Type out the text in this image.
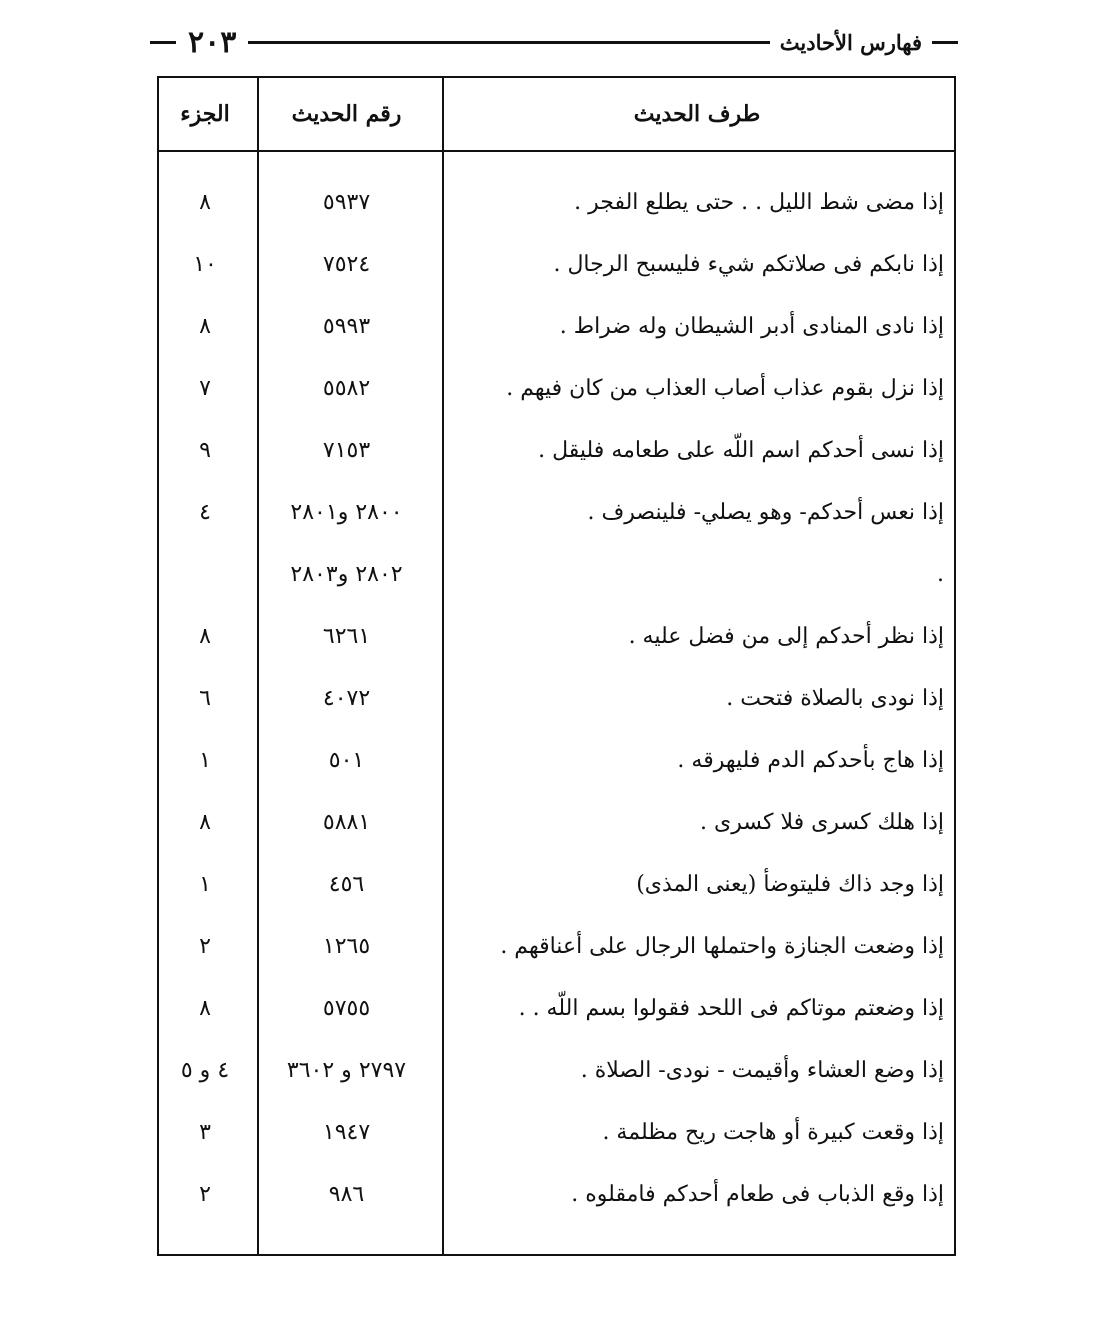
فهارس الأحاديث
٢٠٣
طرف الحديث
رقم الحديث
الجزء
إذا مضى شط الليل . . حتى يطلع الفجر .
٥٩٣٧
٨
إذا نابكم فى صلاتكم شيء فليسبح الرجال .
٧٥٢٤
١٠
إذا نادى المنادى أدبر الشيطان وله ضراط .
٥٩٩٣
٨
إذا نزل بقوم عذاب أصاب العذاب من كان فيهم .
٥٥٨٢
٧
إذا نسى أحدكم اسم اللّه على طعامه فليقل .
٧١٥٣
٩
إذا نعس أحدكم- وهو يصلي- فلينصرف .
٢٨٠٠ و٢٨٠١
٤
.
٢٨٠٢ و٢٨٠٣
إذا نظر أحدكم إلى من فضل عليه .
٦٢٦١
٨
إذا نودى بالصلاة فتحت .
٤٠٧٢
٦
إذا هاج بأحدكم الدم فليهرقه .
٥٠١
١
إذا هلك كسرى فلا كسرى .
٥٨٨١
٨
إذا وجد ذاك فليتوضأ (يعنى المذى)
٤٥٦
١
إذا وضعت الجنازة واحتملها الرجال على أعناقهم .
١٢٦٥
٢
إذا وضعتم موتاكم فى اللحد فقولوا بسم اللّه . .
٥٧٥٥
٨
إذا وضع العشاء وأقيمت - نودى- الصلاة .
٢٧٩٧ و ٣٦٠٢
٤ و ٥
إذا وقعت كبيرة أو هاجت ريح مظلمة .
١٩٤٧
٣
إذا وقع الذباب فى طعام أحدكم فامقلوه .
٩٨٦
٢
